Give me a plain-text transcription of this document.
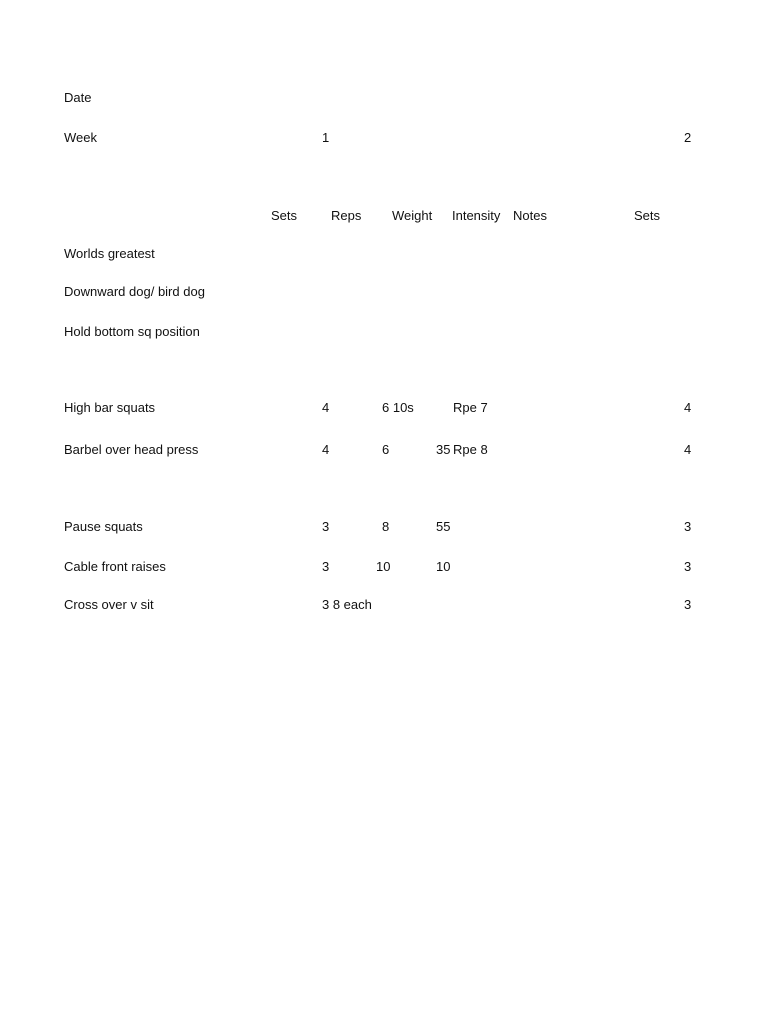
Date
Week	1	2
Sets	Reps Weight Intensity Notes	Sets
Worlds greatest
Downward dog/ bird dog
Hold bottom sq position
High bar squats	4	6 10s	Rpe 7	4
Barbel over head press	4	6	35 Rpe 8	4
Pause squats	3	8	55	3
Cable front raises	3	10	10	3
Cross over v sit	3 8 each	3
